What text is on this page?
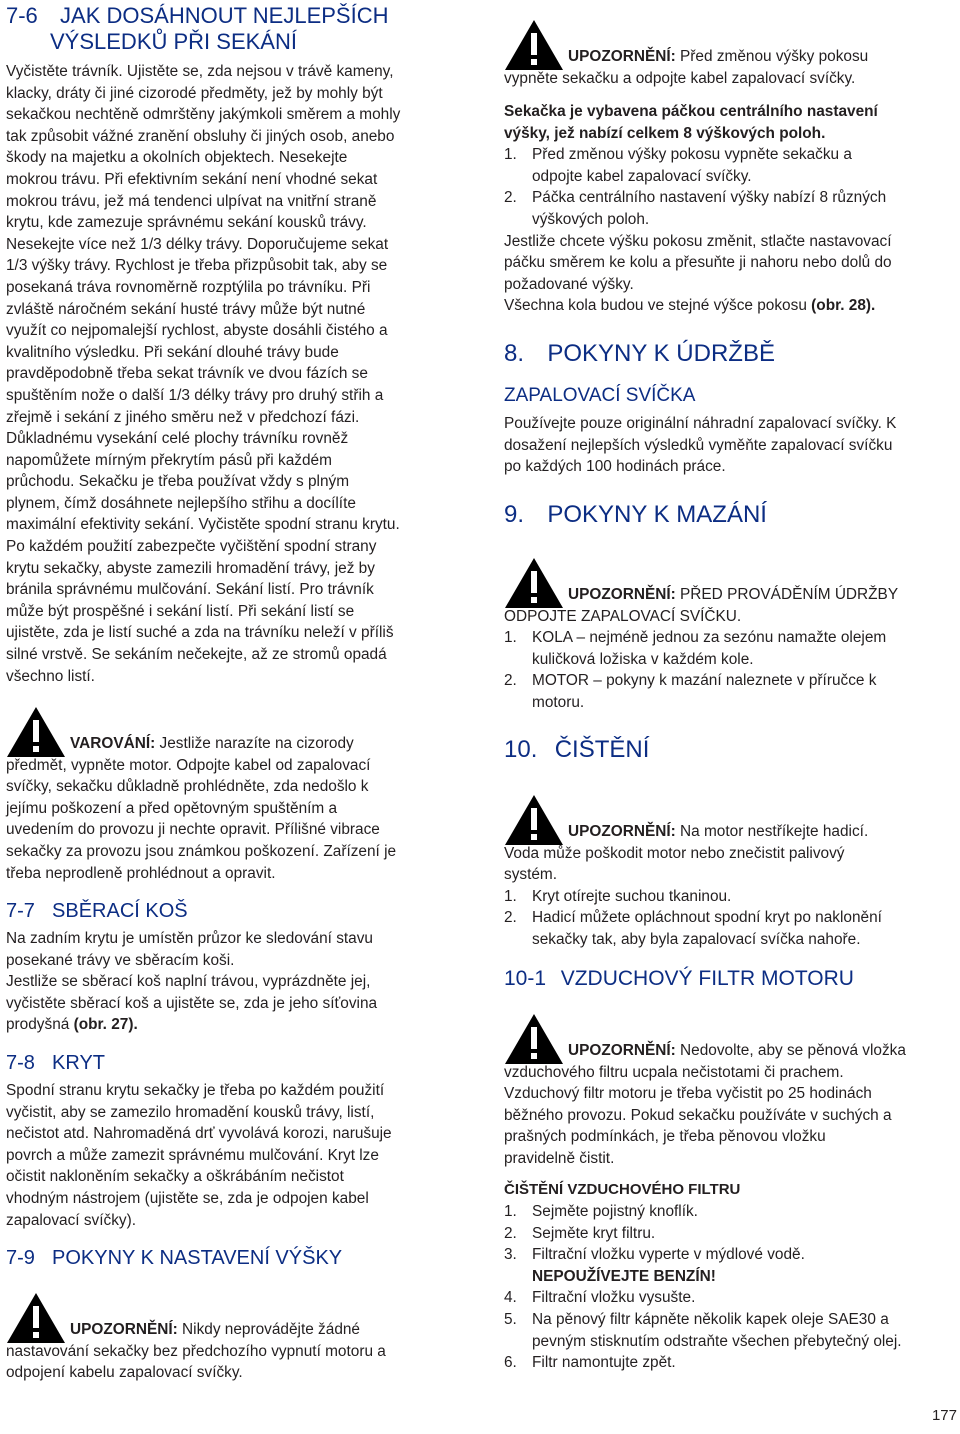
7-6 JAK DOSÁHNOUT NEJLEPŠÍCH
VÝSLEDKŮ PŘI SEKÁNÍ
Vyčistěte trávník. Ujistěte se, zda nejsou v trávě kameny,
klacky, dráty či jiné cizorodé předměty, jež by mohly být
sekačkou nechtěně odmrštěny jakýmkoli směrem a mohly
tak způsobit vážné zranění obsluhy či jiných osob, anebo
škody na majetku a okolních objektech. Nesekejte
mokrou trávu. Při efektivním sekání není vhodné sekat
mokrou trávu, jež má tendenci ulpívat na vnitřní straně
krytu, kde zamezuje správnému sekání kousků trávy.
Nesekejte více než 1/3 délky trávy. Doporučujeme sekat
1/3 výšky trávy. Rychlost je třeba přizpůsobit tak, aby se
posekaná tráva rovnoměrně rozptýlila po trávníku. Při
zvláště náročném sekání husté trávy může být nutné
využít co nejpomalejší rychlost, abyste dosáhli čistého a
kvalitního výsledku. Při sekání dlouhé trávy bude
pravděpodobně třeba sekat trávník ve dvou fázích se
spuštěním nože o další 1/3 délky trávy pro druhý střih a
zřejmě i sekání z jiného směru než v předchozí fázi.
Důkladnému vysekání celé plochy trávníku rovněž
napomůžete mírným překrytím pásů při každém
průchodu. Sekačku je třeba používat vždy s plným
plynem, čímž dosáhnete nejlepšího střihu a docílíte
maximální efektivity sekání. Vyčistěte spodní stranu krytu.
Po každém použití zabezpečte vyčištění spodní strany
krytu sekačky, abyste zamezili hromadění trávy, jež by
bránila správnému mulčování. Sekání listí. Pro trávník
může být prospěšné i sekání listí. Při sekání listí se
ujistěte, zda je listí suché a zda na trávníku neleží v příliš
silné vrstvě. Se sekáním nečekejte, až ze stromů opadá
všechno listí.
VAROVÁNÍ: Jestliže narazíte na cizorody
předmět, vypněte motor. Odpojte kabel od zapalovací
svíčky, sekačku důkladně prohlédněte, zda nedošlo k
jejímu poškození a před opětovným spuštěním a
uvedením do provozu ji nechte opravit. Přílišné vibrace
sekačky za provozu jsou známkou poškození. Zařízení je
třeba neprodleně prohlédnout a opravit.
7-7 SBĚRACÍ KOŠ
Na zadním krytu je umístěn průzor ke sledování stavu
posekané trávy ve sběracím koši.
Jestliže se sběrací koš naplní trávou, vyprázdněte jej,
vyčistěte sběrací koš a ujistěte se, zda je jeho síťovina
prodyšná (obr. 27).
7-8 KRYT
Spodní stranu krytu sekačky je třeba po každém použití
vyčistit, aby se zamezilo hromadění kousků trávy, listí,
nečistot atd. Nahromaděná drť vyvolává korozi, narušuje
povrch a může zamezit správnému mulčování. Kryt lze
očistit nakloněním sekačky a oškrábáním nečistot
vhodným nástrojem (ujistěte se, zda je odpojen kabel
zapalovací svíčky).
7-9 POKYNY K NASTAVENÍ VÝŠKY
UPOZORNĚNÍ: Nikdy neprovádějte žádné
nastavování sekačky bez předchozího vypnutí motoru a
odpojení kabelu zapalovací svíčky.
UPOZORNĚNÍ: Před změnou výšky pokosu
vypněte sekačku a odpojte kabel zapalovací svíčky.
Sekačka je vybavena páčkou centrálního nastavení
výšky, jež nabízí celkem 8 výškových poloh.
1. Před změnou výšky pokosu vypněte sekačku a
odpojte kabel zapalovací svíčky.
2. Páčka centrálního nastavení výšky nabízí 8 různých
výškových poloh.
Jestliže chcete výšku pokosu změnit, stlačte nastavovací
páčku směrem ke kolu a přesuňte ji nahoru nebo dolů do
požadované výšky.
Všechna kola budou ve stejné výšce pokosu (obr. 28).
8. POKYNY K ÚDRŽBĚ
ZAPALOVACÍ SVÍČKA
Používejte pouze originální náhradní zapalovací svíčky. K
dosažení nejlepších výsledků vyměňte zapalovací svíčku
po každých 100 hodinách práce.
9. POKYNY K MAZÁNÍ
UPOZORNĚNÍ: PŘED PROVÁDĚNÍM ÚDRŽBY
ODPOJTE ZAPALOVACÍ SVÍČKU.
1. KOLA – nejméně jednou za sezónu namažte olejem
kuličková ložiska v každém kole.
2. MOTOR – pokyny k mazání naleznete v příručce k
motoru.
10. ČIŠTĚNÍ
UPOZORNĚNÍ: Na motor nestříkejte hadicí.
Voda může poškodit motor nebo znečistit palivový
systém.
1. Kryt otírejte suchou tkaninou.
2. Hadicí můžete opláchnout spodní kryt po naklonění
sekačky tak, aby byla zapalovací svíčka nahoře.
10-1 VZDUCHOVÝ FILTR MOTORU
UPOZORNĚNÍ: Nedovolte, aby se pěnová vložka
vzduchového filtru ucpala nečistotami či prachem.
Vzduchový filtr motoru je třeba vyčistit po 25 hodinách
běžného provozu. Pokud sekačku používáte v suchých a
prašných podmínkách, je třeba pěnovou vložku
pravidelně čistit.
ČIŠTĚNÍ VZDUCHOVÉHO FILTRU
1. Sejměte pojistný knoflík.
2. Sejměte kryt filtru.
3. Filtrační vložku vyperte v mýdlové vodě.
NEPOUŽÍVEJTE BENZÍN!
4. Filtrační vložku vysušte.
5. Na pěnový filtr kápněte několik kapek oleje SAE30 a
pevným stisknutím odstraňte všechen přebytečný olej.
6. Filtr namontujte zpět.
177
